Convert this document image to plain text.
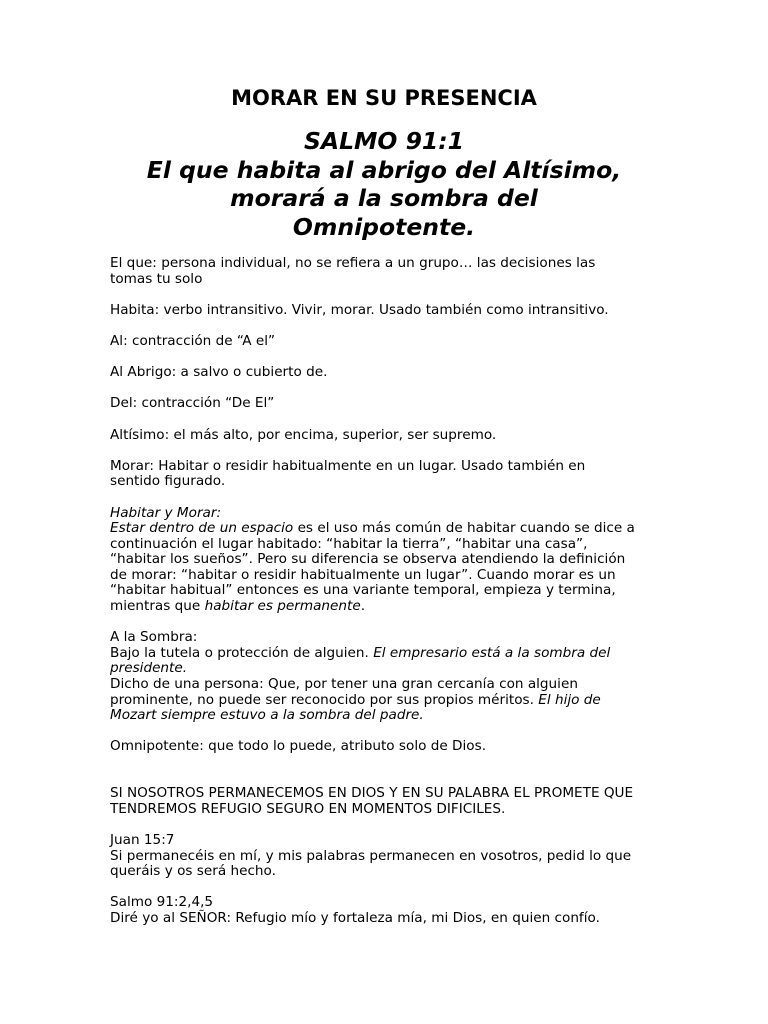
MORAR EN SU PRESENCIA
SALMO 91:1
El que habita al abrigo del Altísimo,
morará a la sombra del
Omnipotente.

El que: persona individual, no se refiera a un grupo… las decisiones las

tomas tu solo

Habita: verbo intransitivo. Vivir, morar. Usado también como intransitivo.

Al: contracción de “A el”

Al Abrigo: a salvo o cubierto de.

Del: contracción “De El”

Altísimo: el más alto, por encima, superior, ser supremo.

Morar: Habitar o residir habitualmente en un lugar. Usado también en

sentido figurado.

Habitar y Morar:

Estar dentro de un espacio es el uso más común de habitar cuando se dice a

continuación el lugar habitado: “habitar la tierra”, “habitar una casa”,

“habitar los sueños”. Pero su diferencia se observa atendiendo la definición

de morar: “habitar o residir habitualmente un lugar”. Cuando morar es un

“habitar habitual” entonces es una variante temporal, empieza y termina,

mientras que habitar es permanente.

A la Sombra:

Bajo la tutela o protección de alguien. El empresario está a la sombra del

presidente.

Dicho de una persona: Que, por tener una gran cercanía con alguien

prominente, no puede ser reconocido por sus propios méritos. El hijo de

Mozart siempre estuvo a la sombra del padre.

Omnipotente: que todo lo puede, atributo solo de Dios.

SI NOSOTROS PERMANECEMOS EN DIOS Y EN SU PALABRA EL PROMETE QUE

TENDREMOS REFUGIO SEGURO EN MOMENTOS DIFICILES.

Juan 15:7

Si permanecéis en mí, y mis palabras permanecen en vosotros, pedid lo que

queráis y os será hecho.

Salmo 91:2,4,5

Diré yo al SEÑOR: Refugio mío y fortaleza mía, mi Dios, en quien confío.
